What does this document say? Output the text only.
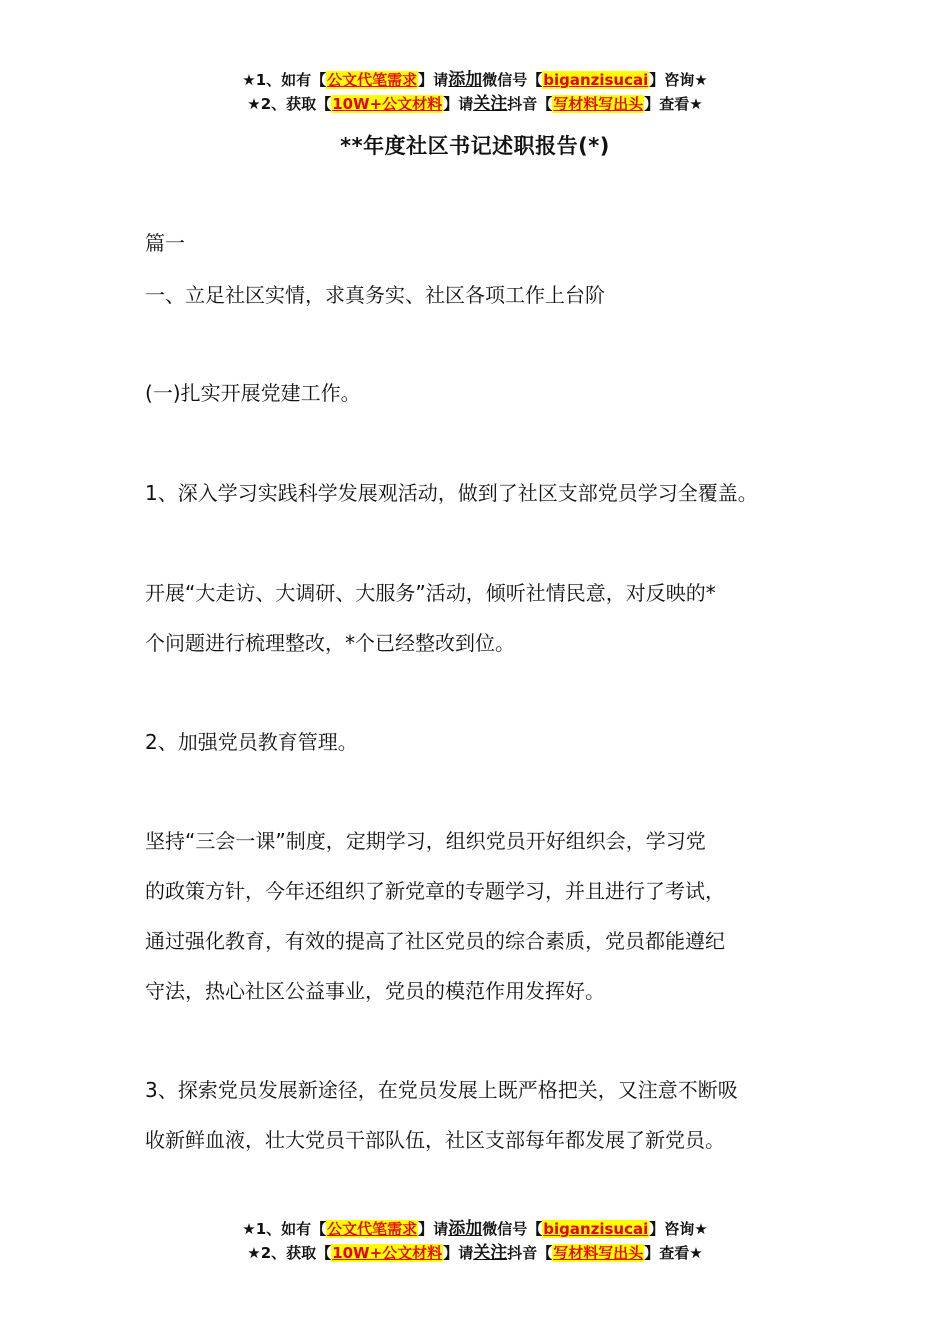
★1、如有【公文代笔需求】请添加微信号【biganzisucai】咨询★
★2、获取【10W+公文材料】请关注抖音【写材料写出头】查看★
**年度社区书记述职报告(*)
篇一
一、立足社区实情，求真务实、社区各项工作上台阶
(一)扎实开展党建工作。
1、深入学习实践科学发展观活动，做到了社区支部党员学习全覆盖。
开展“大走访、大调研、大服务”活动，倾听社情民意，对反映的*
个问题进行梳理整改，*个已经整改到位。
2、加强党员教育管理。
坚持“三会一课”制度，定期学习，组织党员开好组织会，学习党
的政策方针，今年还组织了新党章的专题学习，并且进行了考试，
通过强化教育，有效的提高了社区党员的综合素质，党员都能遵纪
守法，热心社区公益事业，党员的模范作用发挥好。
3、探索党员发展新途径，在党员发展上既严格把关，又注意不断吸
收新鲜血液，壮大党员干部队伍，社区支部每年都发展了新党员。
★1、如有【公文代笔需求】请添加微信号【biganzisucai】咨询★
★2、获取【10W+公文材料】请关注抖音【写材料写出头】查看★
